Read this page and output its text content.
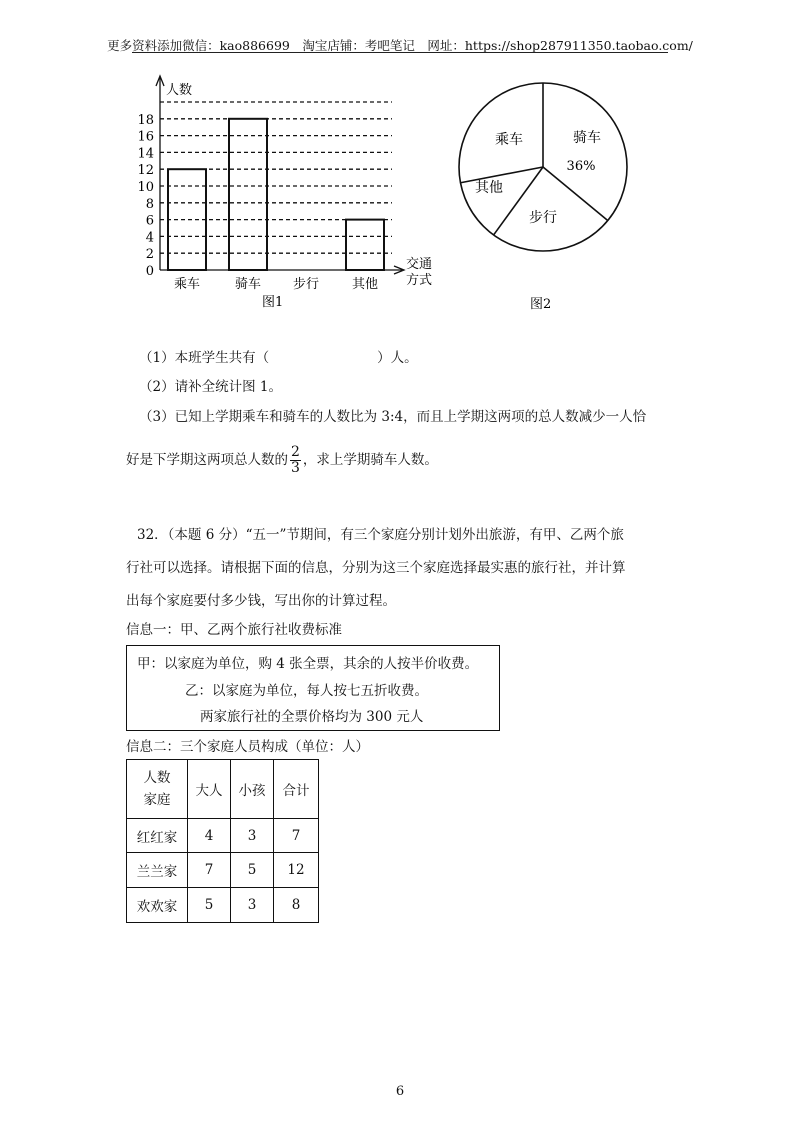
更多资料添加微信：kao886699　淘宝店铺：考吧笔记　网址：https://shop287911350.taobao.com/
人数
交通
方式
图1
0
2
4
6
8
10
12
14
16
18
乘车	骑车 步行	其他
图2
骑车
36%
乘车
其他
步行
（1）本班学生共有（　　　　　　　　）人。
（2）请补全统计图 1。
（3）已知上学期乘车和骑车的人数比为 3:4，而且上学期这两项的总人数减少一人恰
好是下学期这两项总人数的 $\frac{2}{3}$ ，求上学期骑车人数。
32．（本题 6 分）“五一”节期间，有三个家庭分别计划外出旅游，有甲、乙两个旅
行社可以选择。请根据下面的信息，分别为这三个家庭选择最实惠的旅行社，并计算
出每个家庭要付多少钱，写出你的计算过程。
信息一：甲、乙两个旅行社收费标准
甲：以家庭为单位，购 4 张全票，其余的人按半价收费。
乙：以家庭为单位，每人按七五折收费。
两家旅行社的全票价格均为 300 元人
信息二：三个家庭人员构成（单位：人）
人数
家庭	大人	小孩	合计
红红家	4	3	7
兰兰家	7	5	12
欢欢家	5	3	8
6
